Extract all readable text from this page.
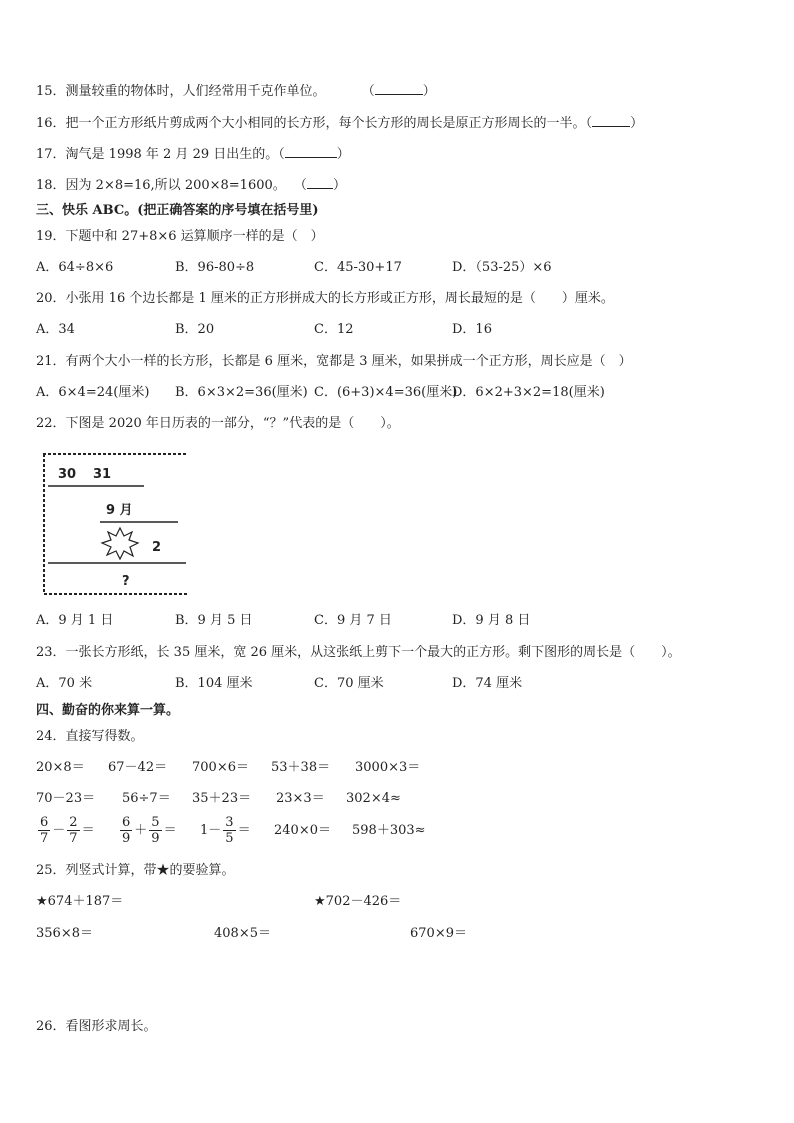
15．测量较重的物体时，人们经常用千克作单位。	（	）
16．把一个正方形纸片剪成两个大小相同的长方形，每个长方形的周长是原正方形周长的一半。（	）
17．淘气是 1998 年 2 月 29 日出生的。（	）
18．因为 2×8=16,所以 200×8=1600。 （ ）
三、快乐 ABC。(把正确答案的序号填在括号里)
19．下题中和 27+8×6 运算顺序一样的是（　）
A．64÷8×6	B．96-80÷8	C．45-30+17	D．（53-25）×6
20．小张用 16 个边长都是 1 厘米的正方形拼成大的长方形或正方形，周长最短的是（　　）厘米。
A．34	B．20	C．12	D．16
21．有两个大小一样的长方形，长都是 6 厘米，宽都是 3 厘米，如果拼成一个正方形，周长应是（　）
A．6×4=24(厘米) B．6×3×2=36(厘米) C．(6+3)×4=36(厘米)
D．6×2+3×2=18(厘米)
22．下图是 2020 年日历表的一部分，“？”代表的是（　　）。
30 31
9 月
2
?
A．9 月 1 日	B．9 月 5 日	C．9 月 7 日	D．9 月 8 日
23．一张长方形纸，长 35 厘米，宽 26 厘米，从这张纸上剪下一个最大的正方形。剩下图形的周长是（　　）。
A．70 米	B．104 厘米	C．70 厘米	D．74 厘米
四、勤奋的你来算一算。
24．直接写得数。
20×8＝ 67－42＝ 700×6＝ 53＋38＝ 3000×3＝
70－23＝ 56÷7＝ 35＋23＝ 23×3＝ 302×4≈
$\frac{6}{7} - \frac{2}{7} = \frac{6}{9} + \frac{5}{9} = 1- \frac{3}{5} = 240\times 0= 598+303\approx$
25．列竖式计算，带★的要验算。
★674＋187＝	★702－426＝
356×8＝	408×5＝	670×9＝
26．看图形求周长。
